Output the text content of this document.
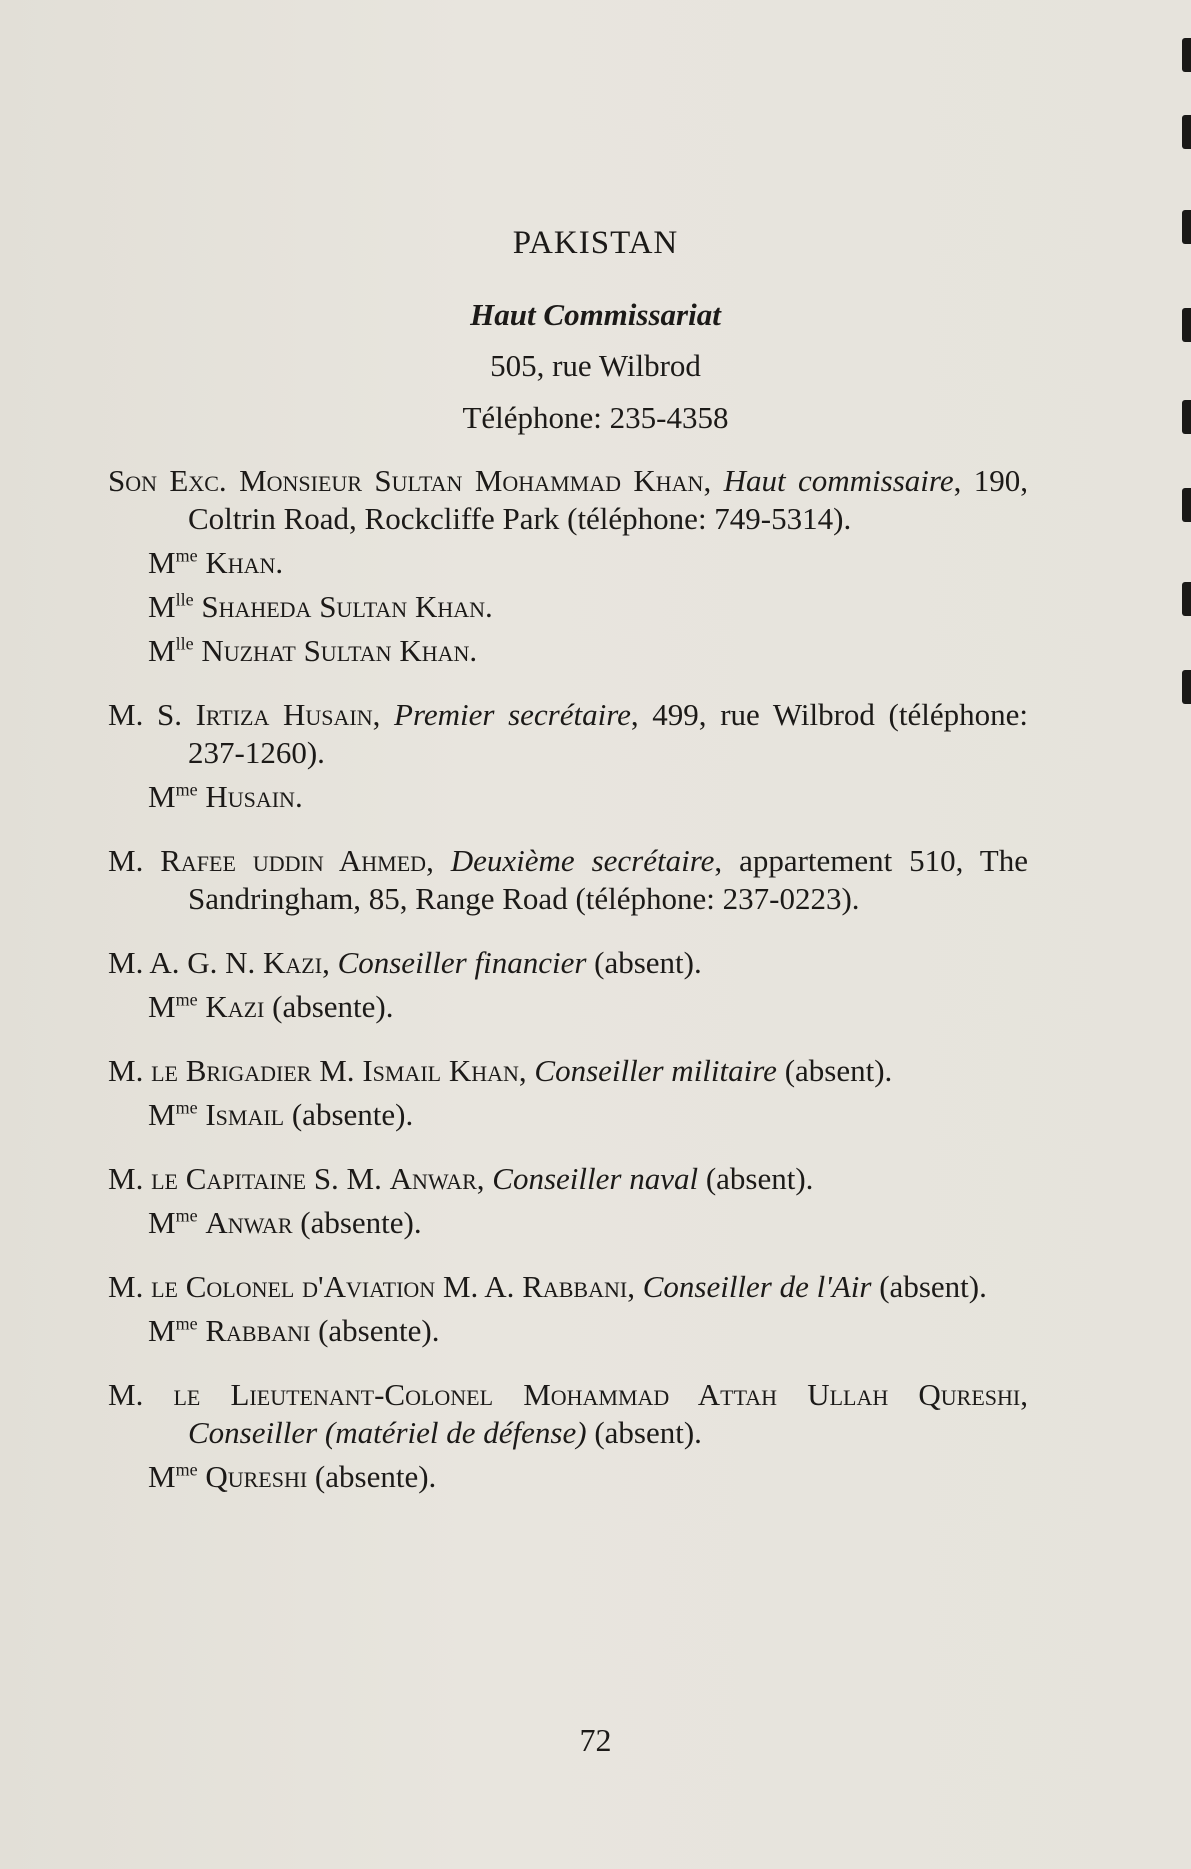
PAKISTAN
Haut Commissariat
505, rue Wilbrod
Téléphone: 235-4358

Son Exc. Monsieur Sultan Mohammad Khan, Haut commissaire, 190, Coltrin Road, Rockcliffe Park (téléphone: 749-5314).

$M^{me}$ Khan.

$M^{lle}$ Shaheda Sultan Khan.

$M^{lle}$ Nuzhat Sultan Khan.

M. S. Irtiza Husain, Premier secrétaire, 499, rue Wilbrod (téléphone: 237-1260).

$M^{me}$ Husain.

M. Rafee uddin Ahmed, Deuxième secrétaire, appartement 510, The Sandringham, 85, Range Road (téléphone: 237-0223).

M. A. G. N. Kazi, Conseiller financier (absent).

$M^{me}$ Kazi (absente).

M. le Brigadier M. Ismail Khan, Conseiller militaire (absent).

$M^{me}$ Ismail (absente).

M. le Capitaine S. M. Anwar, Conseiller naval (absent).

$M^{me}$ Anwar (absente).

M. le Colonel d'Aviation M. A. Rabbani, Conseiller de l'Air (absent).

$M^{me}$ Rabbani (absente).

M. le Lieutenant-Colonel Mohammad Attah Ullah Qureshi, Conseiller (matériel de défense) (absent).

$M^{me}$ Qureshi (absente).

72
